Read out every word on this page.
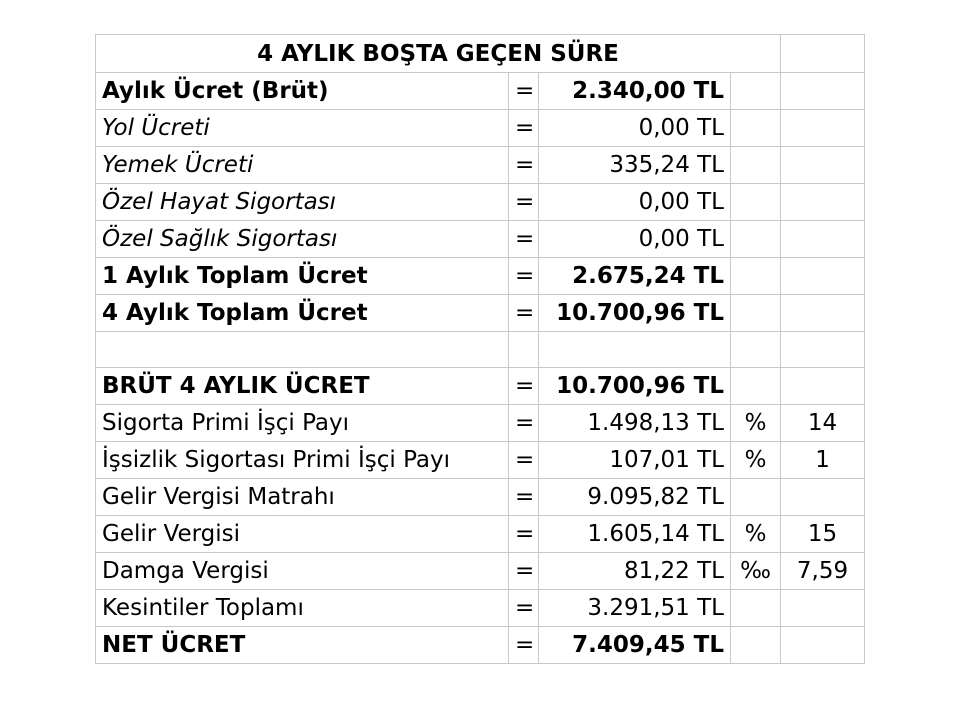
4 AYLIK BOŞTA GEÇEN SÜRE				
Aylık Ücret (Brüt)	=	2.340,00 TL		
Yol Ücreti	=	0,00 TL		
Yemek Ücreti	=	335,24 TL		
Özel Hayat Sigortası	=	0,00 TL		
Özel Sağlık Sigortası	=	0,00 TL		
1 Aylık Toplam Ücret	=	2.675,24 TL		
4 Aylık Toplam Ücret	=	10.700,96 TL		

BRÜT 4 AYLIK ÜCRET	=	10.700,96 TL		
Sigorta Primi İşçi Payı	=	1.498,13 TL	%	14
İşsizlik Sigortası Primi İşçi Payı	=	107,01 TL	%	1
Gelir Vergisi Matrahı	=	9.095,82 TL		
Gelir Vergisi	=	1.605,14 TL	%	15
Damga Vergisi	=	81,22 TL	‰	7,59
Kesintiler Toplamı	=	3.291,51 TL		
NET ÜCRET	=	7.409,45 TL		
